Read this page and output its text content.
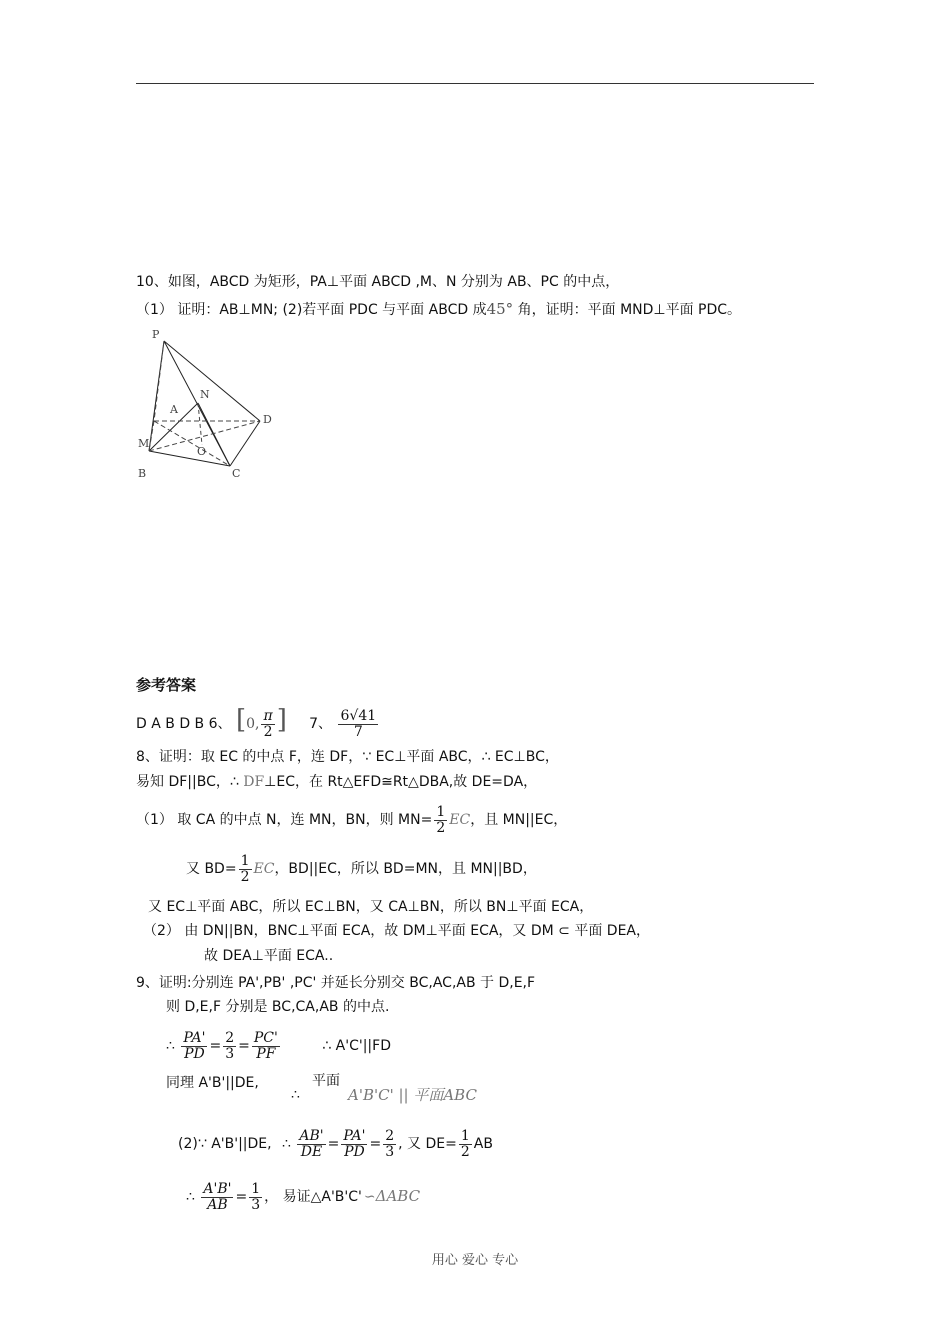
10、如图，ABCD 为矩形，PA⊥平面 ABCD ,M、N 分别为 AB、PC 的中点，
（1） 证明：AB⊥MN; (2)若平面 PDC 与平面 ABCD 成45° 角，证明：平面 MND⊥平面 PDC。
P
A
N
D
M
O
B	C
参考答案
D A B D B 6、 [0, $\frac{\pi}{2}$ ] 7、 $\frac{6√41}{7}$
8、证明：取 EC 的中点 F，连 DF，∵ EC⊥平面 ABC，∴ EC⊥BC，
易知 DF||BC，∴ DF⊥EC，在 Rt△EFD≅Rt△DBA,故 DE=DA，
（1） 取 CA 的中点 N，连 MN，BN，则 $MN= \frac{1}{2}$ EC，且 MN||EC，
又 $BD= \frac{1}{2}$ EC，BD||EC，所以 BD=MN，且 MN||BD，
又 EC⊥平面 ABC，所以 EC⊥BN，又 CA⊥BN，所以 BN⊥平面 ECA，
（2） 由 DN||BN，BNC⊥平面 ECA，故 DM⊥平面 ECA，又 DM ⊂ 平面 DEA，
故 DEA⊥平面 ECA..
9、证明:分别连 PA',PB' ,PC' 并延长分别交 BC,AC,AB 于 D,E,F
则 D,E,F 分别是 BC,CA,AB 的中点.
∴ $\frac{PA'}{PD} = \frac{2}{3} = \frac{PC'}{PF}$	∴ A'C'||FD
同理 A'B'||DE,
∴
平面
A'B'C' || 平面ABC
(2)∵ A'B'||DE, ∴ $\frac{AB'}{DE} = \frac{PA'}{PD} = \frac{2}{3}$ , 又 $DE= \frac{1}{2}$ AB
∴ $\frac{A'B'}{AB} = \frac{1}{3}$ ， 易证△A'B'C' ∽ΔABC
用心 爱心 专心
